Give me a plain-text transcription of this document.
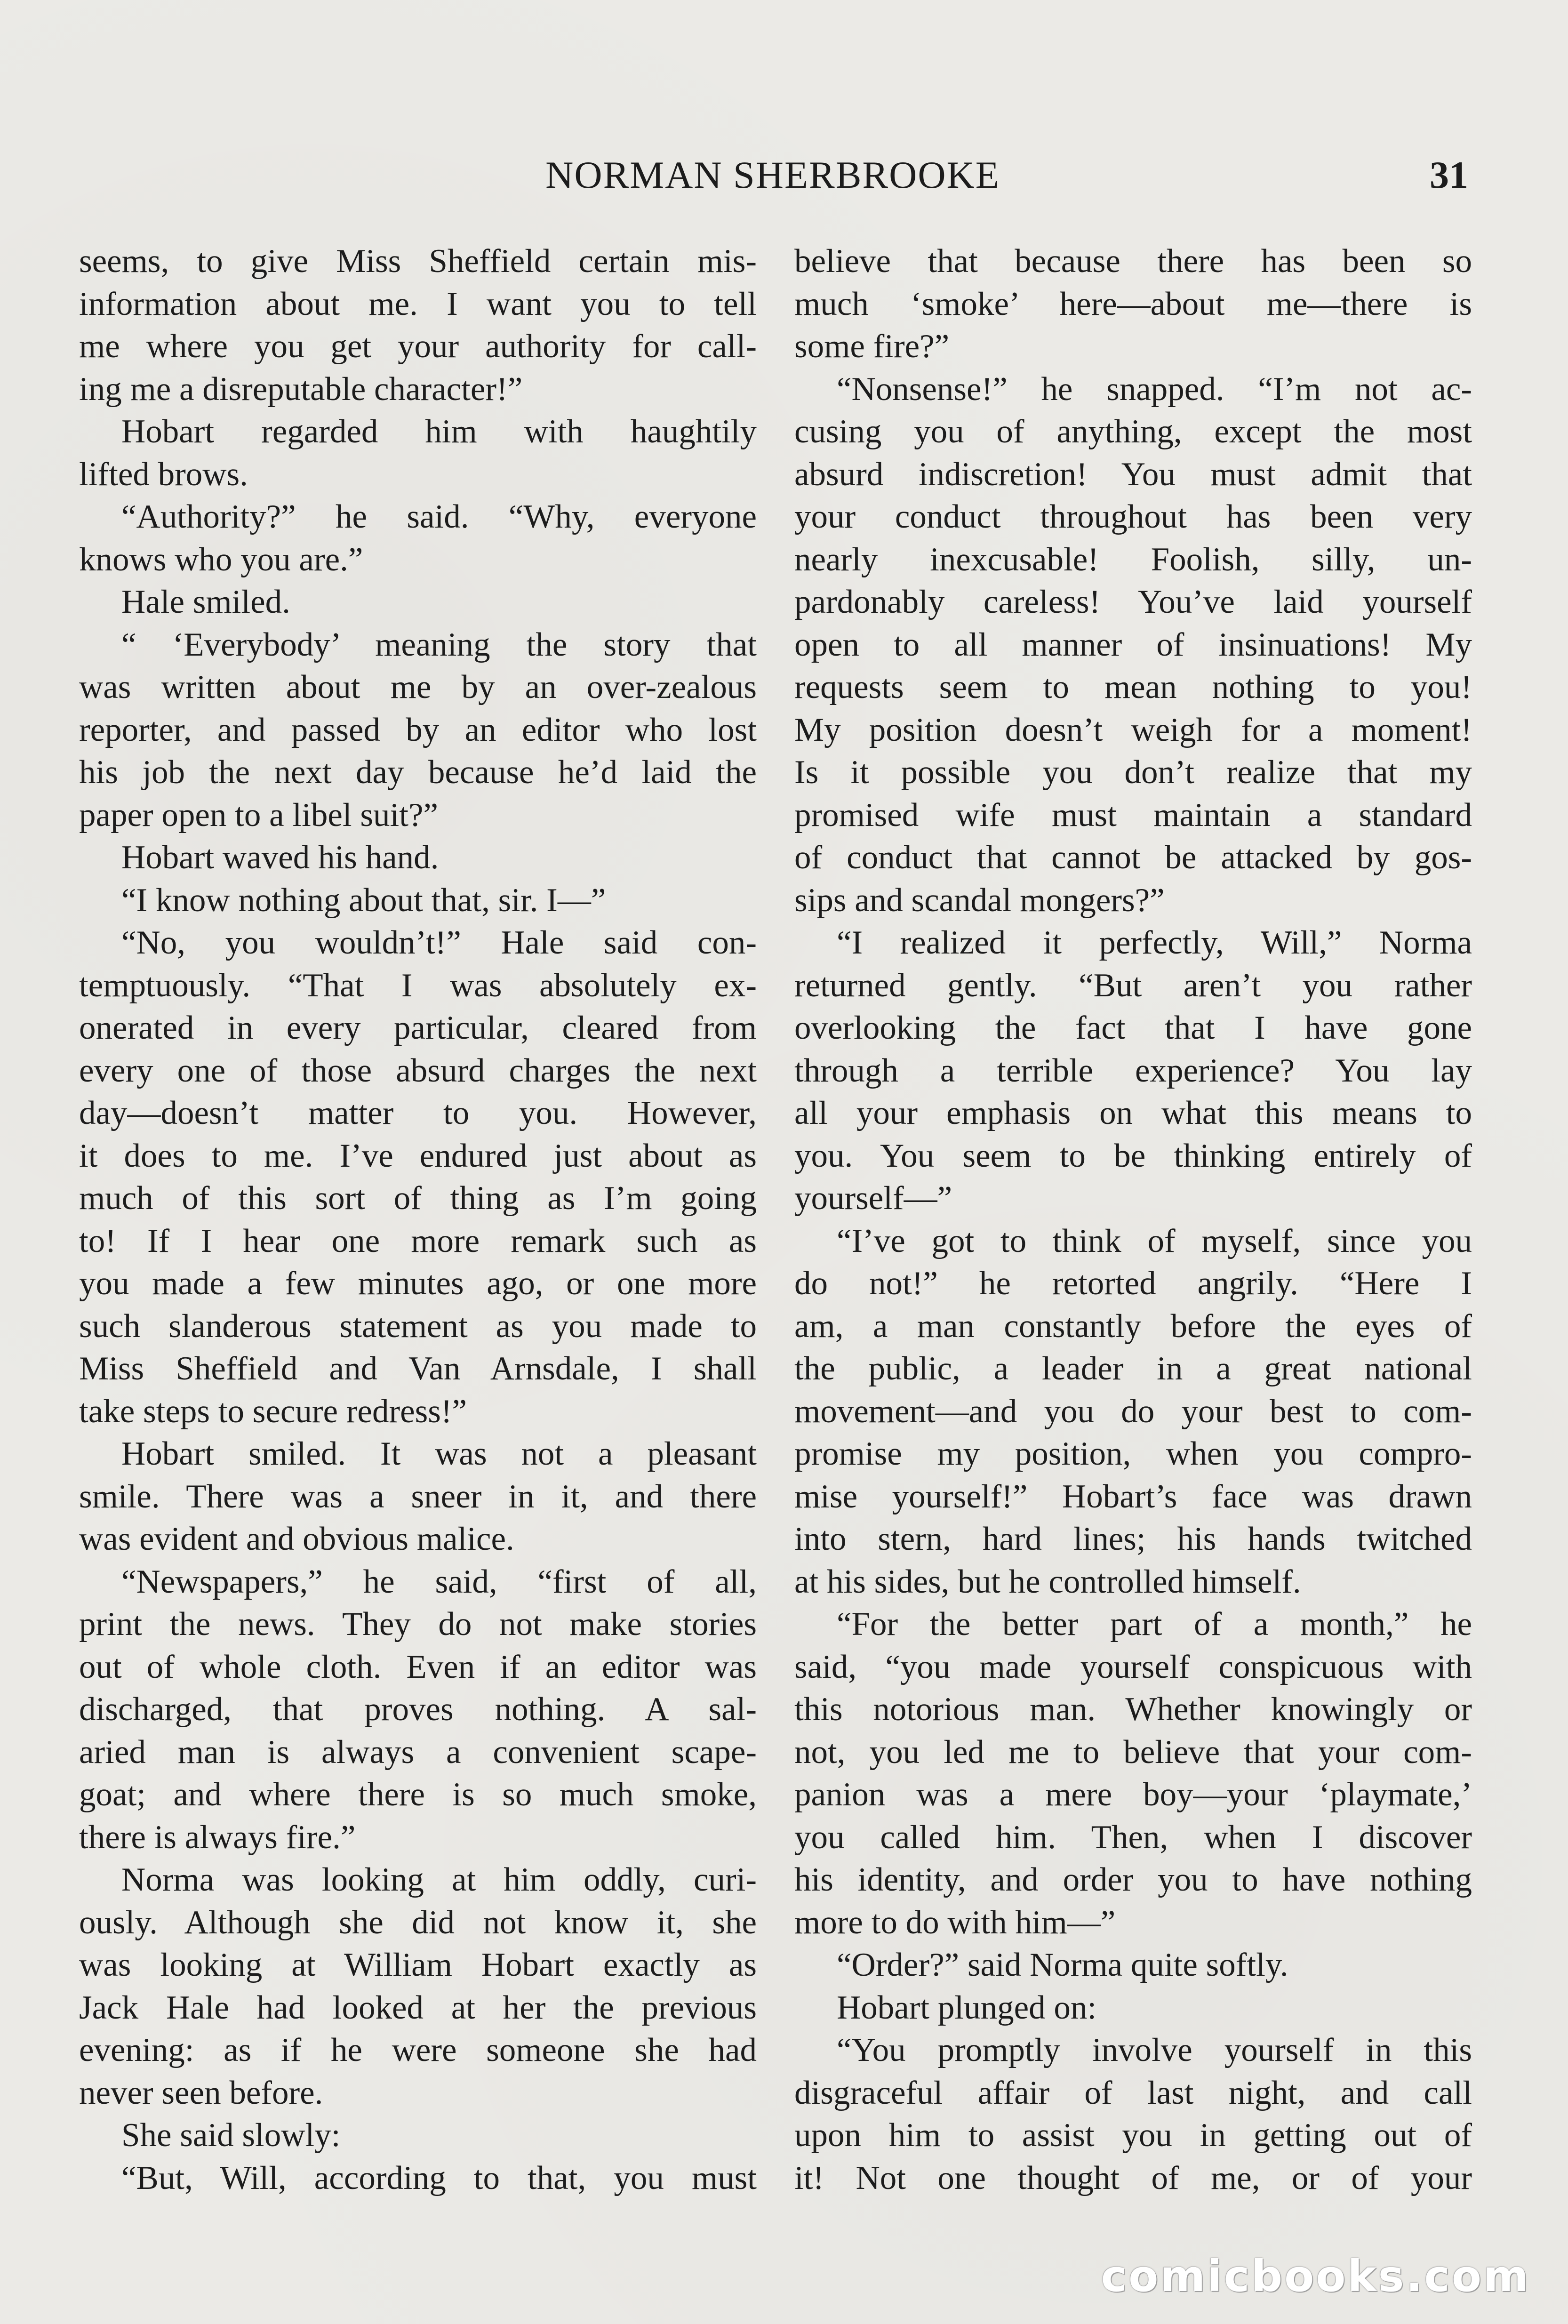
NORMAN SHERBROOKE	31
seems, to give Miss Sheffield certain mis-
information about me. I want you to tell
me where you get your authority for call-
ing me a disreputable character!”
Hobart regarded him with haughtily
lifted brows.
“Authority?” he said. “Why, everyone
knows who you are.”
Hale smiled.
“ ‘Everybody’ meaning the story that
was written about me by an over-zealous
reporter, and passed by an editor who lost
his job the next day because he’d laid the
paper open to a libel suit?”
Hobart waved his hand.
“I know nothing about that, sir. I—”
“No, you wouldn’t!” Hale said con-
temptuously. “That I was absolutely ex-
onerated in every particular, cleared from
every one of those absurd charges the next
day—doesn’t matter to you. However,
it does to me. I’ve endured just about as
much of this sort of thing as I’m going
to! If I hear one more remark such as
you made a few minutes ago, or one more
such slanderous statement as you made to
Miss Sheffield and Van Arnsdale, I shall
take steps to secure redress!”
Hobart smiled. It was not a pleasant
smile. There was a sneer in it, and there
was evident and obvious malice.
“Newspapers,” he said, “first of all,
print the news. They do not make stories
out of whole cloth. Even if an editor was
discharged, that proves nothing. A sal-
aried man is always a convenient scape-
goat; and where there is so much smoke,
there is always fire.”
Norma was looking at him oddly, curi-
ously. Although she did not know it, she
was looking at William Hobart exactly as
Jack Hale had looked at her the previous
evening: as if he were someone she had
never seen before.
She said slowly:
“But, Will, according to that, you must
believe that because there has been so
much ‘smoke’ here—about me—there is
some fire?”
“Nonsense!” he snapped. “I’m not ac-
cusing you of anything, except the most
absurd indiscretion! You must admit that
your conduct throughout has been very
nearly inexcusable! Foolish, silly, un-
pardonably careless! You’ve laid yourself
open to all manner of insinuations! My
requests seem to mean nothing to you!
My position doesn’t weigh for a moment!
Is it possible you don’t realize that my
promised wife must maintain a standard
of conduct that cannot be attacked by gos-
sips and scandal mongers?”
“I realized it perfectly, Will,” Norma
returned gently. “But aren’t you rather
overlooking the fact that I have gone
through a terrible experience? You lay
all your emphasis on what this means to
you. You seem to be thinking entirely of
yourself—”
“I’ve got to think of myself, since you
do not!” he retorted angrily. “Here I
am, a man constantly before the eyes of
the public, a leader in a great national
movement—and you do your best to com-
promise my position, when you compro-
mise yourself!” Hobart’s face was drawn
into stern, hard lines; his hands twitched
at his sides, but he controlled himself.
“For the better part of a month,” he
said, “you made yourself conspicuous with
this notorious man. Whether knowingly or
not, you led me to believe that your com-
panion was a mere boy—your ‘playmate,’
you called him. Then, when I discover
his identity, and order you to have nothing
more to do with him—”
“Order?” said Norma quite softly.
Hobart plunged on:
“You promptly involve yourself in this
disgraceful affair of last night, and call
upon him to assist you in getting out of
it! Not one thought of me, or of your
comicbooks.com
